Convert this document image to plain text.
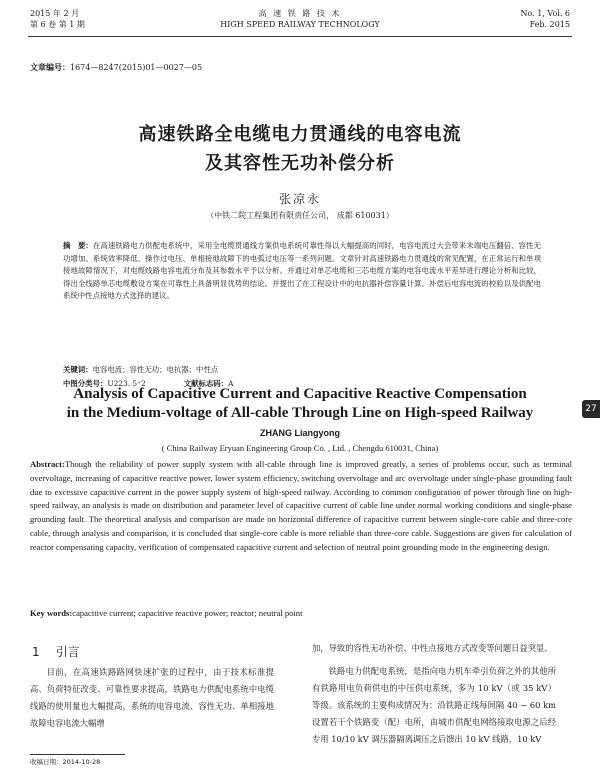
2015 年 2 月
第 6 卷 第 1 期
高 速 铁 路 技 术
HIGH SPEED RAILWAY TECHNOLOGY
No. 1, Vol. 6
Feb. 2015
文章编号：1674—8247(2015)01—0027—05
高速铁路全电缆电力贯通线的电容电流
及其容性无功补偿分析
张凉永
（中铁二院工程集团有限责任公司， 成都 610031）
摘　要：在高速铁路电力供配电系统中，采用全电缆贯通线方案供电系统可靠性得以大幅提高的同时，电容电流过大会带来末端电压翻倍、容性无功增加、系统效率降低、操作过电压、单相接地故障下的电弧过电压等一系列问题。文章针对高速铁路电力贯通线的常见配置，在正常运行和单项接地故障情况下，对电缆线路电容电流分布及其参数水平予以分析。并通过对单芯电缆和三芯电缆方案的电容电流水平差异进行理论分析和比较，得出全线路单芯电缆敷设方案在可靠性上具备明显优势的结论。并提出了在工程设计中的电抗器补偿容量计算、补偿后电容电流的校验以及供配电系统中性点接地方式选择的建议。
关键词：电容电流；容性无功；电抗器；中性点
中图分类号：U223. 5⁺2	文献标志码：A
Analysis of Capacitive Current and Capacitive Reactive Compensation
in the Medium-voltage of All-cable Through Line on High-speed Railway
ZHANG Liangyong
( China Railway Eryuan Engineering Group Co. , Ltd. , Chengdu 610031, China)
Abstract:Though the reliability of power supply system with all-cable through line is improved greatly, a series of problems occur, such as terminal overvoltage, increasing of capacitive reactive power, lower system efficiency, switching overvoltage and arc overvoltage under single-phase grounding fault due to excessive capacitive current in the power supply system of high-speed railway. According to common configuration of power through line on high-speed railway, an analysis is made on distribution and parameter level of capacitive current of cable line under normal working conditions and single-phase grounding fault. The theoretical analysis and comparison are made on horizontal difference of capacitive current between single-core cable and three-core cable, through analysis and comparison, it is concluded that single-core cable is more reliable than three-core cable. Suggestions are given for calculation of reactor compensating capacity, verification of compensated capacitive current and selection of neutral point grounding mode in the engineering design.
Key words:capacitive current; capacitive reactive power; reactor; neutral point
1 引言

目前，在高速铁路路网快速扩张的过程中，由于技术标准提高、负荷特征改变、可靠性要求提高，铁路电力供配电系统中电缆线路的使用量也大幅提高，系统的电容电流、容性无功、单相接地故障电容电流大幅增

加，导致的容性无功补偿、中性点接地方式改变等问题日益突显。

铁路电力供配电系统，是指向电力机车牵引负荷之外的其他所有铁路用电负荷供电的中压供电系统，多为 10 kV（或 35 kV）等级。该系统的主要构成情况为：沿铁路正线每间隔 40 ~ 60 km 设置若干个铁路变（配）电所，由城市供配电网络接取电源之后经专用 10/10 kV 调压器隔离调压之后馈出 10 kV 线路，10 kV

收稿日期：2014-10-28
27
